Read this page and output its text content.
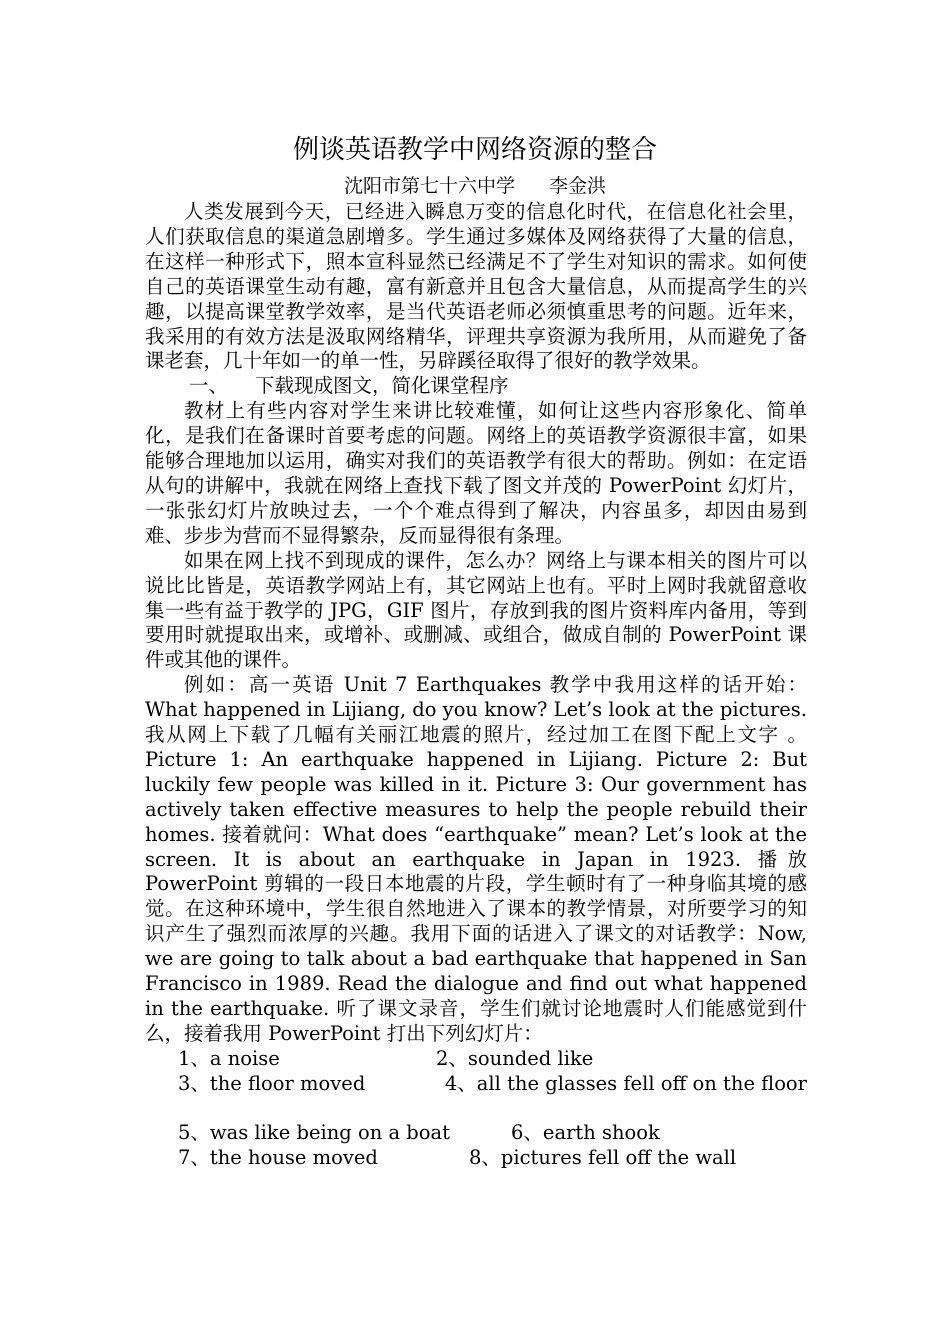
例谈英语教学中网络资源的整合
沈阳市第七十六中学 李金洪

人类发展到今天，已经进入瞬息万变的信息化时代，在信息化社会里，人们获取信息的渠道急剧增多。学生通过多媒体及网络获得了大量的信息，在这样一种形式下，照本宣科显然已经满足不了学生对知识的需求。如何使自己的英语课堂生动有趣，富有新意并且包含大量信息，从而提高学生的兴趣，以提高课堂教学效率，是当代英语老师必须慎重思考的问题。近年来，我采用的有效方法是汲取网络精华，评理共享资源为我所用，从而避免了备课老套，几十年如一的单一性，另辟蹊径取得了很好的教学效果。

一、 下载现成图文，简化课堂程序

教材上有些内容对学生来讲比较难懂，如何让这些内容形象化、简单化，是我们在备课时首要考虑的问题。网络上的英语教学资源很丰富，如果能够合理地加以运用，确实对我们的英语教学有很大的帮助。例如：在定语从句的讲解中，我就在网络上查找下载了图文并茂的 PowerPoint 幻灯片，一张张幻灯片放映过去，一个个难点得到了解决，内容虽多，却因由易到难、步步为营而不显得繁杂，反而显得很有条理。

如果在网上找不到现成的课件，怎么办？网络上与课本相关的图片可以说比比皆是，英语教学网站上有，其它网站上也有。平时上网时我就留意收集一些有益于教学的 JPG，GIF 图片，存放到我的图片资料库内备用，等到要用时就提取出来，或增补、或删减、或组合，做成自制的 PowerPoint 课件或其他的课件。

例如：高一英语 Unit 7 Earthquakes 教学中我用这样的话开始：What happened in Lijiang, do you know? Let’s look at the pictures. 我从网上下载了几幅有关丽江地震的照片，经过加工在图下配上文字 。Picture 1: An earthquake happened in Lijiang. Picture 2: But luckily few people was killed in it. Picture 3: Our government has actively taken effective measures to help the people rebuild their homes. 接着就问：What does “earthquake” mean? Let’s look at the screen. It is about an earthquake in Japan in 1923. 播放 PowerPoint 剪辑的一段日本地震的片段，学生顿时有了一种身临其境的感觉。在这种环境中，学生很自然地进入了课本的教学情景，对所要学习的知识产生了强烈而浓厚的兴趣。我用下面的话进入了课文的对话教学：Now, we are going to talk about a bad earthquake that happened in San Francisco in 1989. Read the dialogue and find out what happened in the earthquake. 听了课文录音，学生们就讨论地震时人们能感觉到什么，接着我用 PowerPoint 打出下列幻灯片：

1、a noise	2、sounded like
3、the floor moved	4、all the glasses fell off on the floor
5、was like being on a boat	6、earth shook
7、the house moved	8、pictures fell off the wall
